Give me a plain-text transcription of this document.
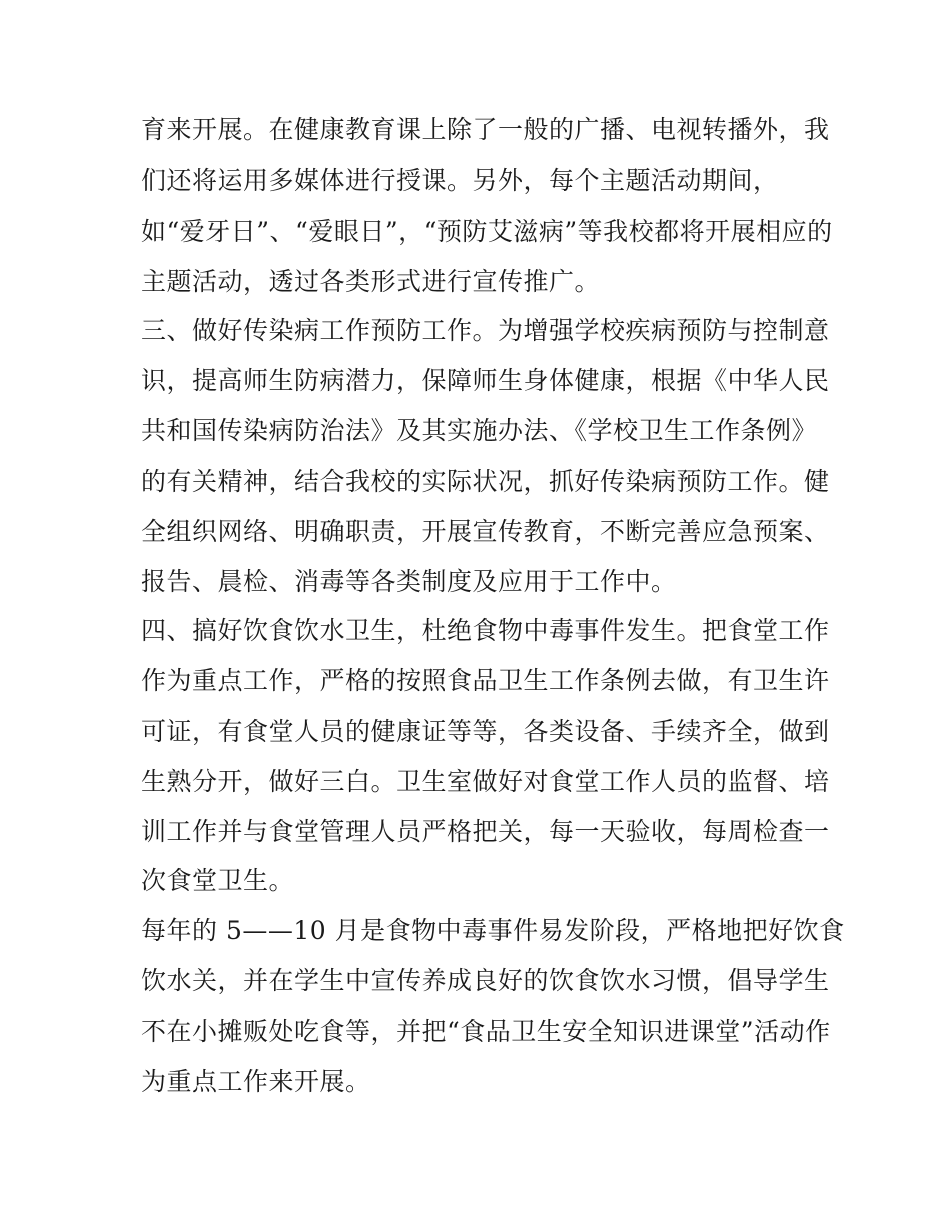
育来开展。在健康教育课上除了一般的广播、电视转播外，我
们还将运用多媒体进行授课。另外，每个主题活动期间，
如“爱牙日”、“爱眼日”，“预防艾滋病”等我校都将开展相应的
主题活动，透过各类形式进行宣传推广。
三、做好传染病工作预防工作。为增强学校疾病预防与控制意
识，提高师生防病潜力，保障师生身体健康，根据《中华人民
共和国传染病防治法》及其实施办法、《学校卫生工作条例》
的有关精神，结合我校的实际状况，抓好传染病预防工作。健
全组织网络、明确职责，开展宣传教育，不断完善应急预案、
报告、晨检、消毒等各类制度及应用于工作中。
四、搞好饮食饮水卫生，杜绝食物中毒事件发生。把食堂工作
作为重点工作，严格的按照食品卫生工作条例去做，有卫生许
可证，有食堂人员的健康证等等，各类设备、手续齐全，做到
生熟分开，做好三白。卫生室做好对食堂工作人员的监督、培
训工作并与食堂管理人员严格把关，每一天验收，每周检查一
次食堂卫生。
每年的 5——10 月是食物中毒事件易发阶段，严格地把好饮食
饮水关，并在学生中宣传养成良好的饮食饮水习惯，倡导学生
不在小摊贩处吃食等，并把“食品卫生安全知识进课堂”活动作
为重点工作来开展。
